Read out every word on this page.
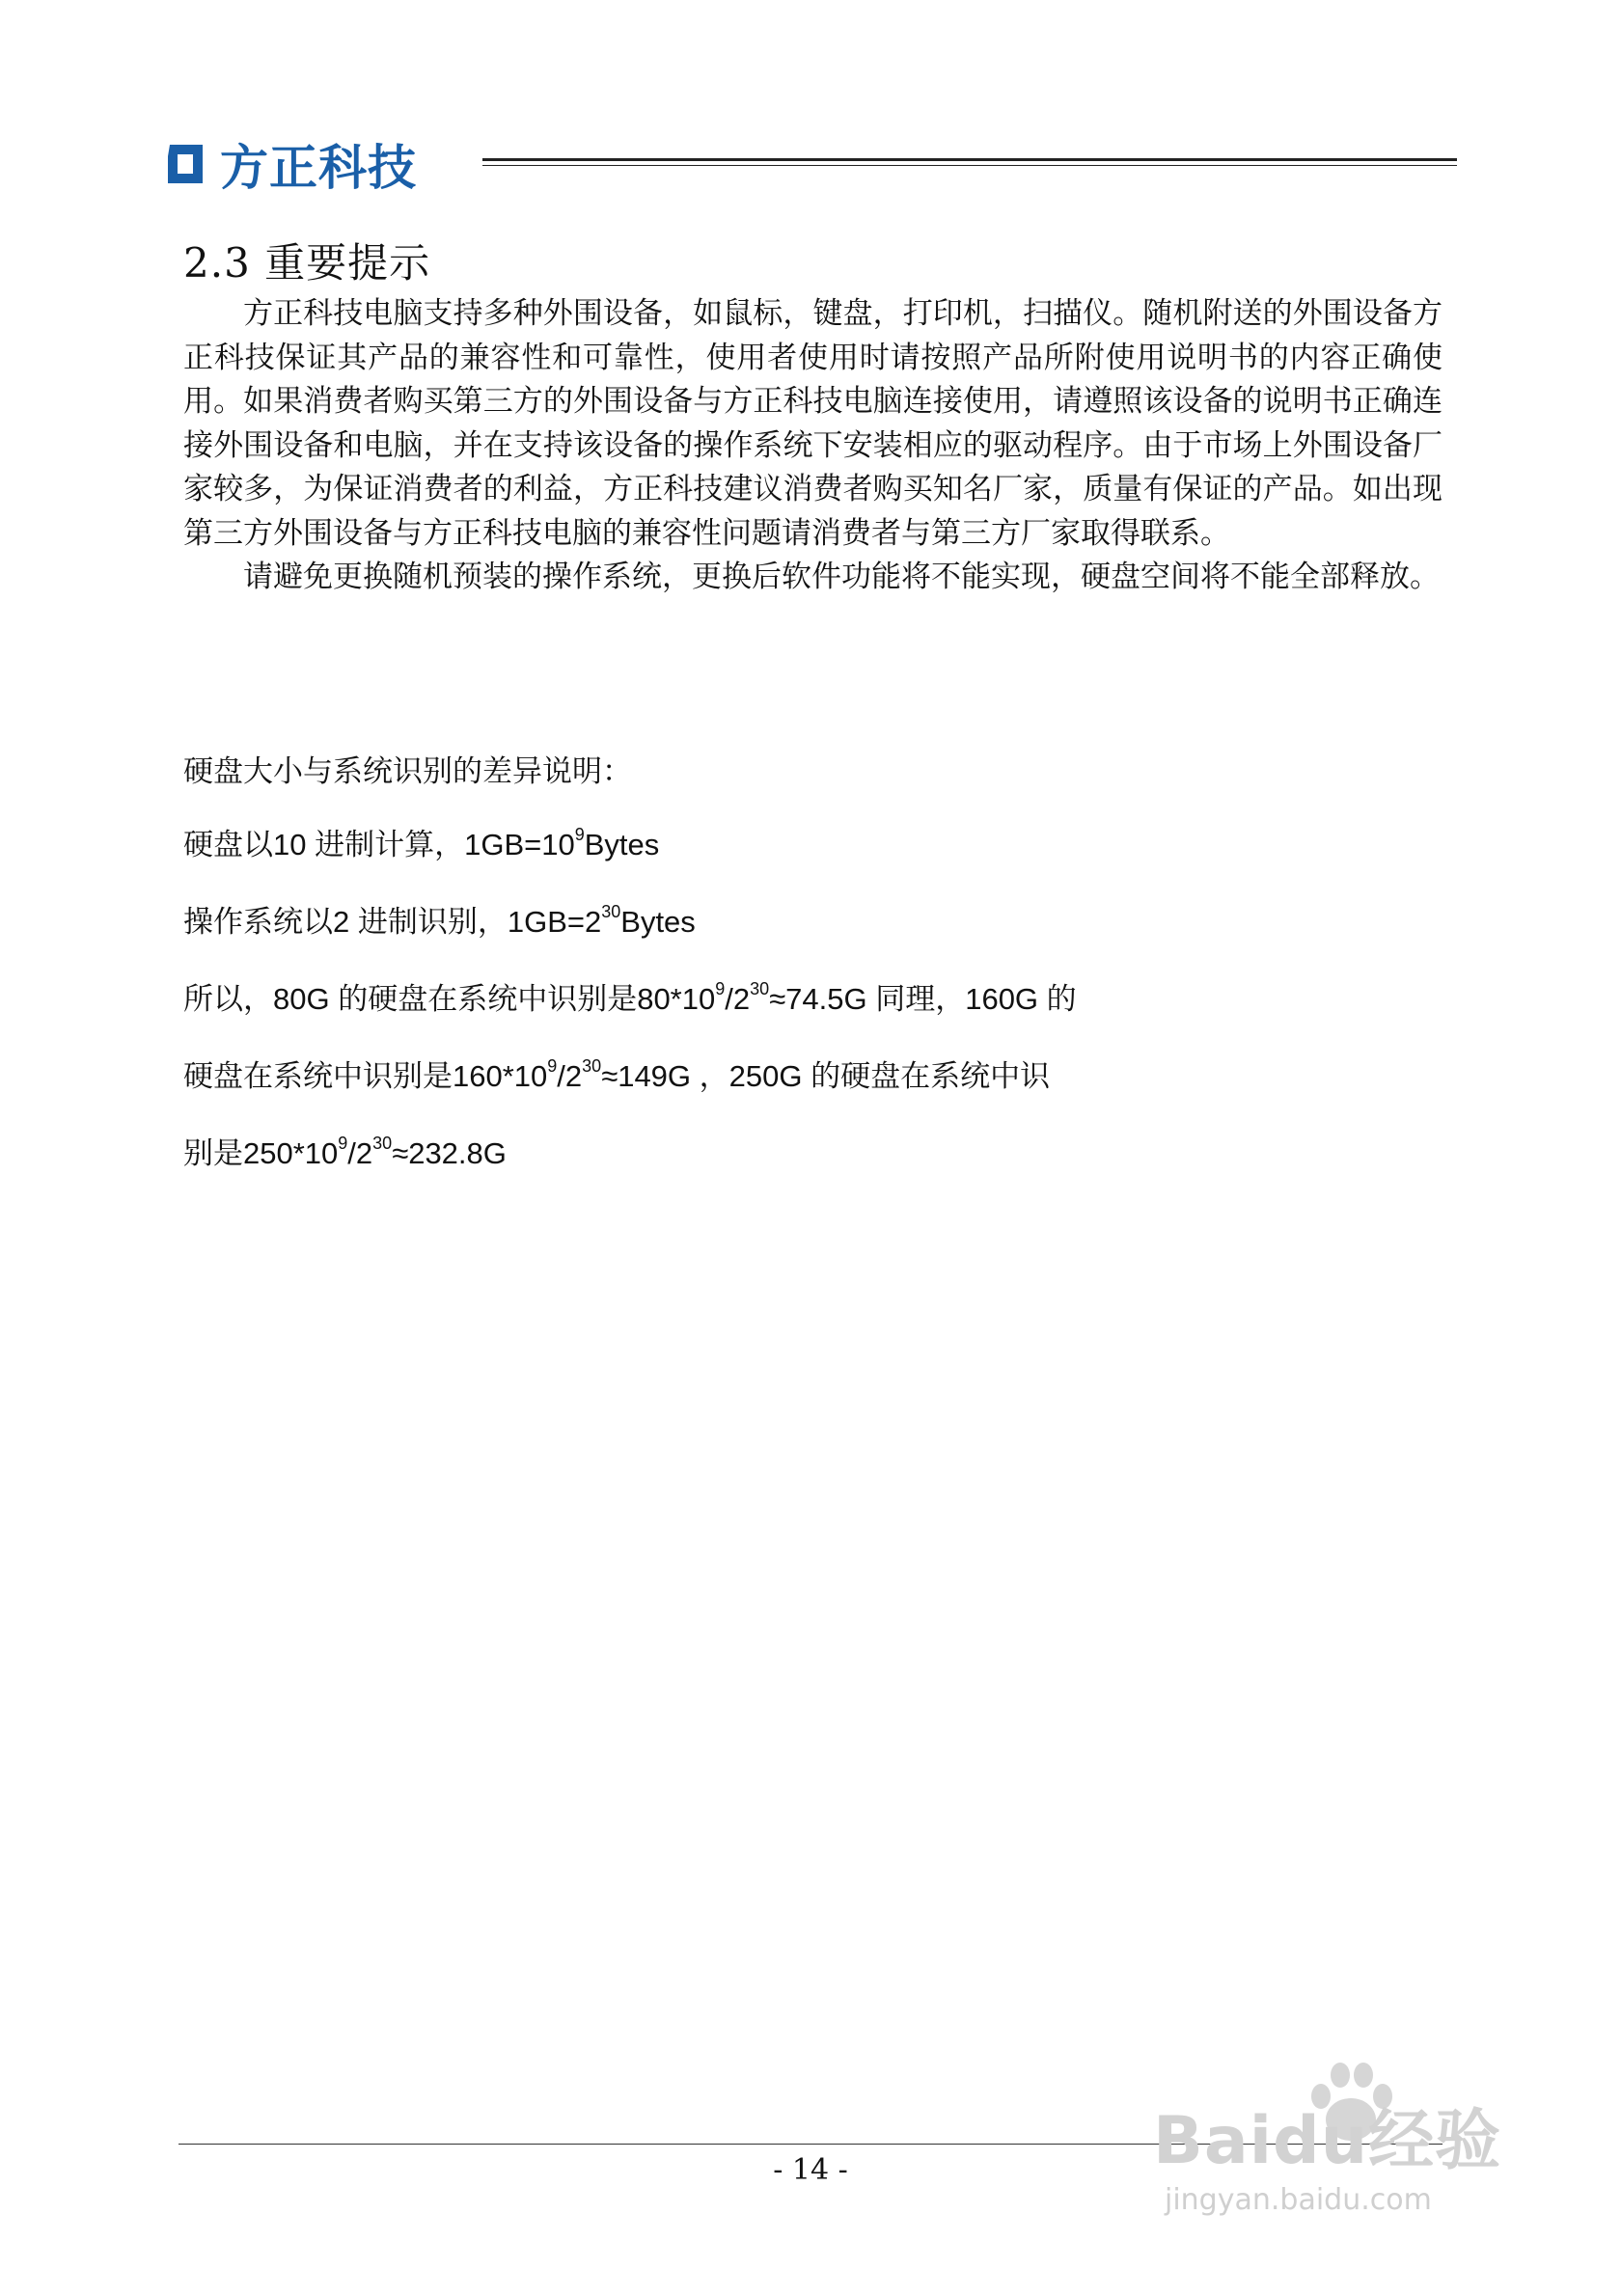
方正科技
2.3 重要提示

方正科技电脑支持多种外围设备，如鼠标，键盘，打印机，扫描仪。随机附送的外围设备方正科技保证其产品的兼容性和可靠性，使用者使用时请按照产品所附使用说明书的内容正确使用。如果消费者购买第三方的外围设备与方正科技电脑连接使用，请遵照该设备的说明书正确连接外围设备和电脑，并在支持该设备的操作系统下安装相应的驱动程序。由于市场上外围设备厂家较多，为保证消费者的利益，方正科技建议消费者购买知名厂家，质量有保证的产品。如出现第三方外围设备与方正科技电脑的兼容性问题请消费者与第三方厂家取得联系。

请避免更换随机预装的操作系统，更换后软件功能将不能实现，硬盘空间将不能全部释放。

硬盘大小与系统识别的差异说明：
硬盘以10 进制计算，$1GB=10^9Bytes$
操作系统以2 进制识别，$1GB=2^{30}Bytes$
所以，80G 的硬盘在系统中识别是$80*10^9/2^{30}\approx 74.5G$ 同理，160G 的
硬盘在系统中识别是$160*10^9/2^{30}\approx 149G$ ，250G 的硬盘在系统中识
别是$250*10^9/2^{30}\approx 232.8G$
- 14 -	Baidu经验
jingyan.baidu.com
